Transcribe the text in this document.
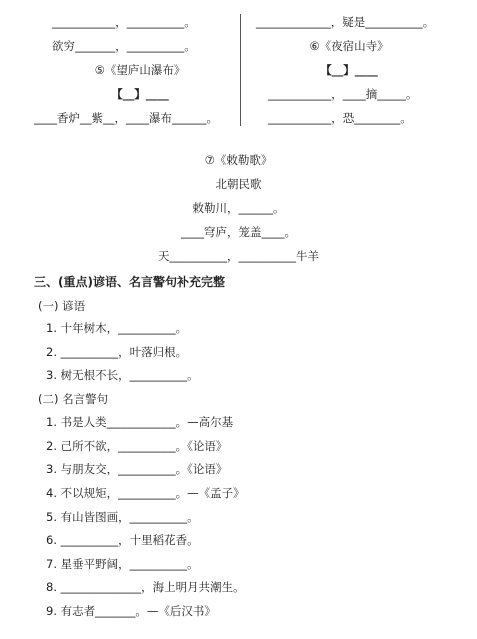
___________，__________。
欲穷_______，__________。
⑤《望庐山瀑布》
【__】____
____香炉__紫__，____瀑布______。
_____________，疑是__________。
⑥《夜宿山寺》
【__】____
___________，____摘_____。
___________，恐________。
⑦《敕勒歌》
北朝民歌
敕勒川，______。
____穹庐，笼盖____。
天__________，__________牛羊
三、(重点)谚语、名言警句补充完整
(一) 谚语
1. 十年树木，__________。
2. __________，叶落归根。
3. 树无根不长，__________。
(二) 名言警句
1. 书是人类____________。—高尔基
2. 己所不欲，__________。《论语》
3. 与朋友交，__________。《论语》
4. 不以规矩，__________。—《孟子》
5. 有山皆图画，__________。
6. __________，十里稻花香。
7. 星垂平野阔，__________。
8. ______________，海上明月共潮生。
9. 有志者_______。—《后汉书》
